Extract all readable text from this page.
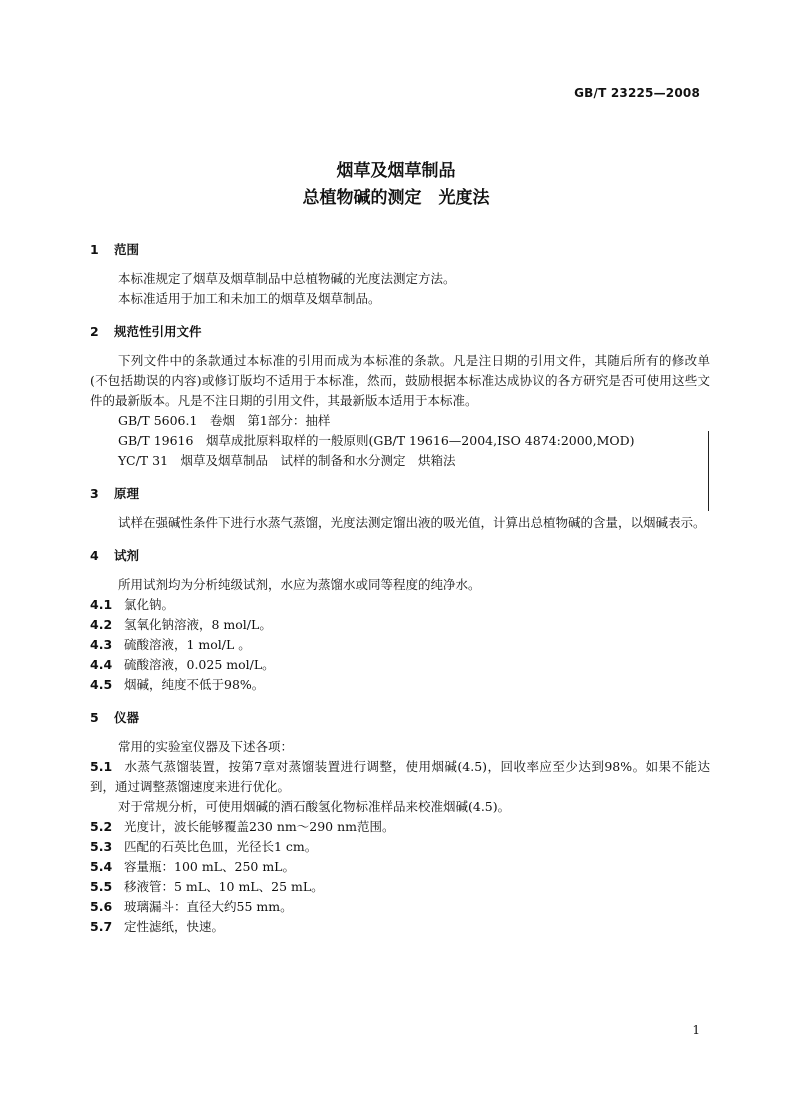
GB/T 23225—2008
烟草及烟草制品
总植物碱的测定　光度法
1 范围

本标准规定了烟草及烟草制品中总植物碱的光度法测定方法。

本标准适用于加工和未加工的烟草及烟草制品。

2 规范性引用文件

下列文件中的条款通过本标准的引用而成为本标准的条款。凡是注日期的引用文件，其随后所有的修改单(不包括勘误的内容)或修订版均不适用于本标准，然而，鼓励根据本标准达成协议的各方研究是否可使用这些文件的最新版本。凡是不注日期的引用文件，其最新版本适用于本标准。

GB/T 5606.1　卷烟　第1部分：抽样

GB/T 19616　烟草成批原料取样的一般原则(GB/T 19616—2004,ISO 4874:2000,MOD)

YC/T 31　烟草及烟草制品　试样的制备和水分测定　烘箱法

3 原理

试样在强碱性条件下进行水蒸气蒸馏，光度法测定馏出液的吸光值，计算出总植物碱的含量，以烟碱表示。

4 试剂

所用试剂均为分析纯级试剂，水应为蒸馏水或同等程度的纯净水。

4.1 氯化钠。

4.2 氢氧化钠溶液，8 mol/L。

4.3 硫酸溶液，1 mol/L 。

4.4 硫酸溶液，0.025 mol/L。

4.5 烟碱，纯度不低于98%。

5 仪器

常用的实验室仪器及下述各项：

5.1 水蒸气蒸馏装置，按第7章对蒸馏装置进行调整，使用烟碱(4.5)，回收率应至少达到98%。如果不能达到，通过调整蒸馏速度来进行优化。

对于常规分析，可使用烟碱的酒石酸氢化物标准样品来校准烟碱(4.5)。

5.2 光度计，波长能够覆盖230 nm～290 nm范围。

5.3 匹配的石英比色皿，光径长1 cm。

5.4 容量瓶：100 mL、250 mL。

5.5 移液管：5 mL、10 mL、25 mL。

5.6 玻璃漏斗：直径大约55 mm。

5.7 定性滤纸，快速。

1
